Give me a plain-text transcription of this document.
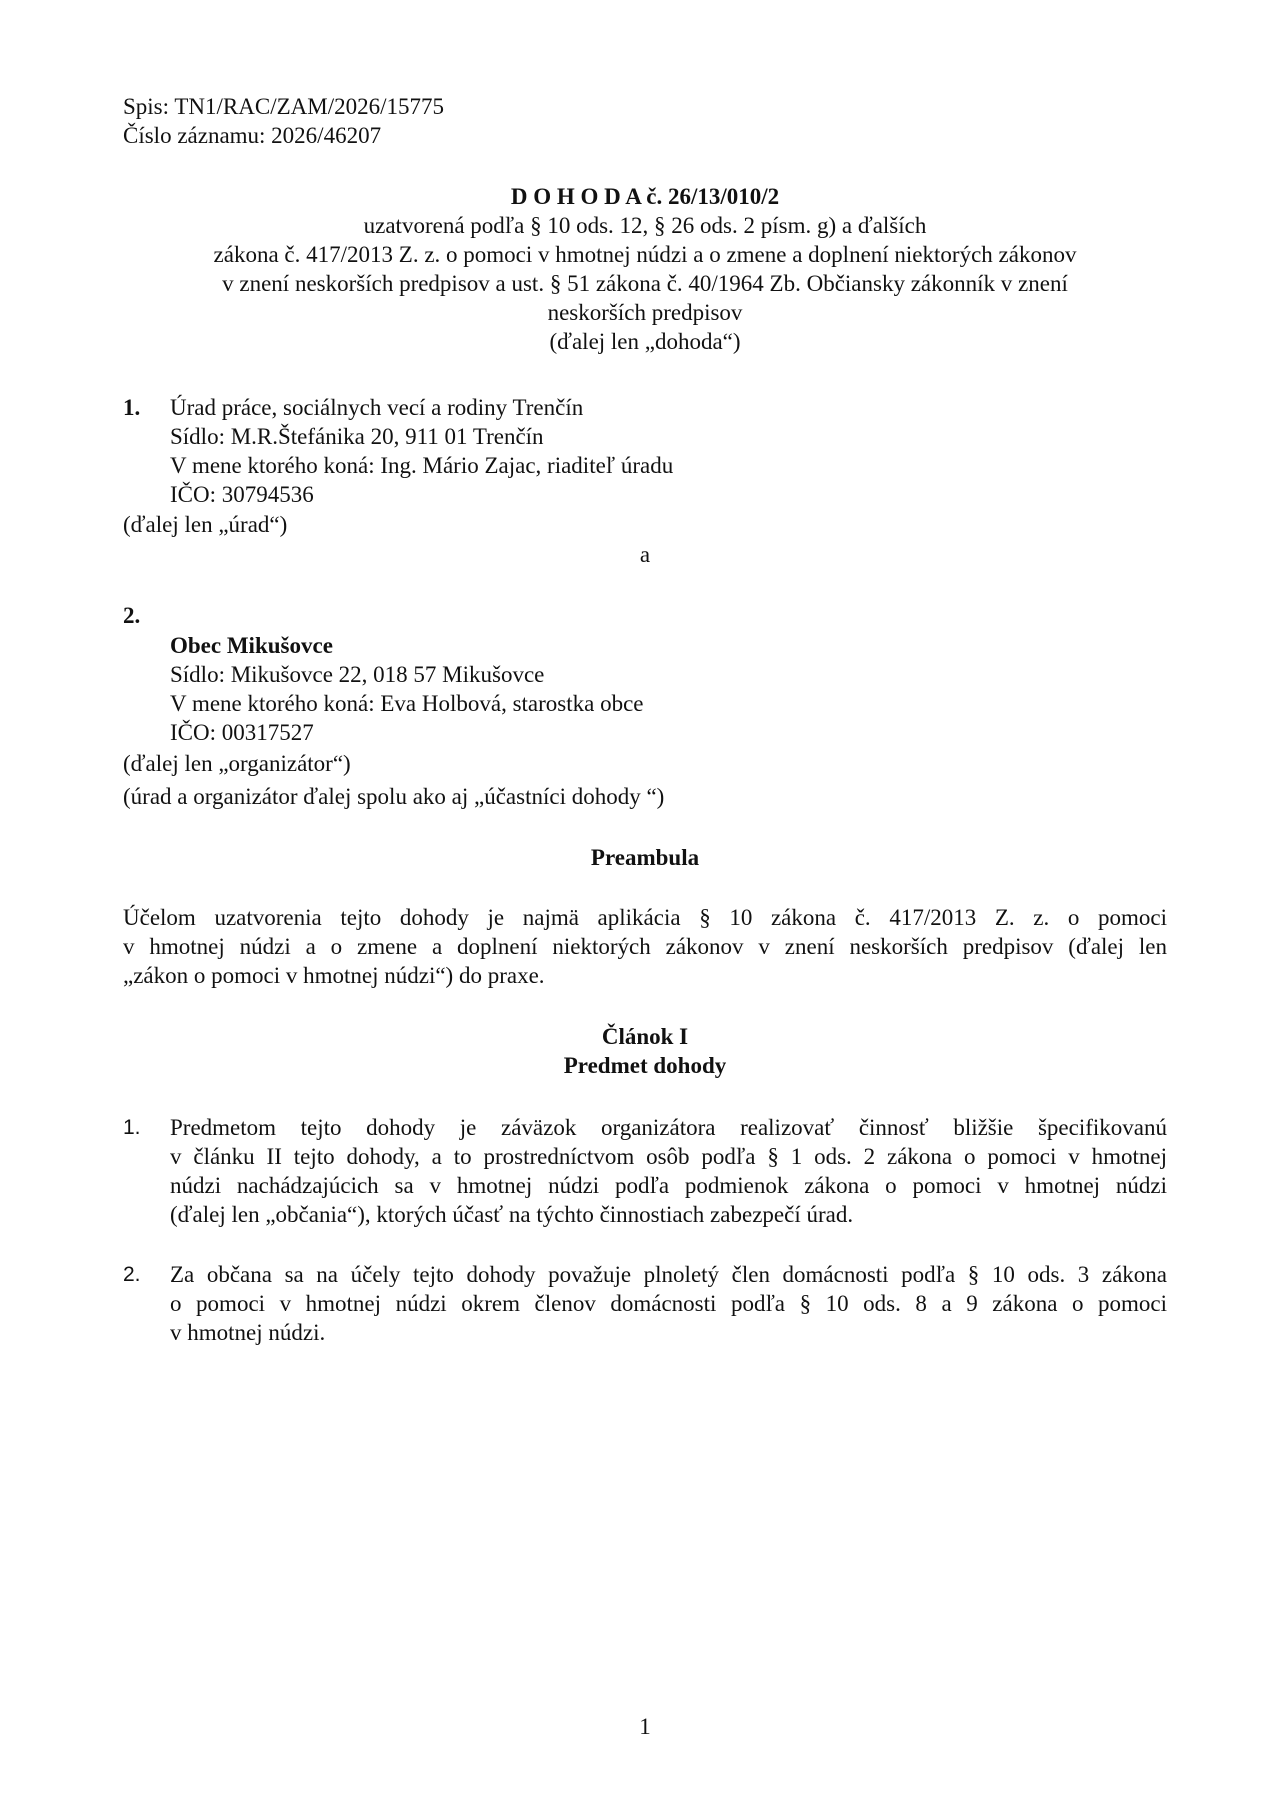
Spis: TN1/RAC/ZAM/2026/15775
Číslo záznamu: 2026/46207
D O H O D A č. 26/13/010/2
uzatvorená podľa § 10 ods. 12, § 26 ods. 2 písm. g) a ďalších
zákona č. 417/2013 Z. z. o pomoci v hmotnej núdzi a o zmene a doplnení niektorých zákonov
v znení neskorších predpisov a ust. § 51 zákona č. 40/1964 Zb. Občiansky zákonník v znení
neskorších predpisov
(ďalej len „dohoda“)
1. Úrad práce, sociálnych vecí a rodiny Trenčín
Sídlo: M.R.Štefánika 20, 911 01 Trenčín
V mene ktorého koná: Ing. Mário Zajac, riaditeľ úradu
IČO: 30794536
(ďalej len „úrad“)
a
2.
Obec Mikušovce
Sídlo: Mikušovce 22, 018 57 Mikušovce
V mene ktorého koná: Eva Holbová, starostka obce
IČO: 00317527
(ďalej len „organizátor“)
(úrad a organizátor ďalej spolu ako aj „účastníci dohody “)
Preambula
Účelom uzatvorenia tejto dohody je najmä aplikácia § 10 zákona č. 417/2013 Z. z. o pomoci
v hmotnej núdzi a o zmene a doplnení niektorých zákonov v znení neskorších predpisov (ďalej len
„zákon o pomoci v hmotnej núdzi“) do praxe.
Článok I
Predmet dohody
1. Predmetom tejto dohody je záväzok organizátora realizovať činnosť bližšie špecifikovanú
v článku II tejto dohody, a to prostredníctvom osôb podľa § 1 ods. 2 zákona o pomoci v hmotnej
núdzi nachádzajúcich sa v hmotnej núdzi podľa podmienok zákona o pomoci v hmotnej núdzi
(ďalej len „občania“), ktorých účasť na týchto činnostiach zabezpečí úrad.
2. Za občana sa na účely tejto dohody považuje plnoletý člen domácnosti podľa § 10 ods. 3 zákona
o pomoci v hmotnej núdzi okrem členov domácnosti podľa § 10 ods. 8 a 9 zákona o pomoci
v hmotnej núdzi.
1
